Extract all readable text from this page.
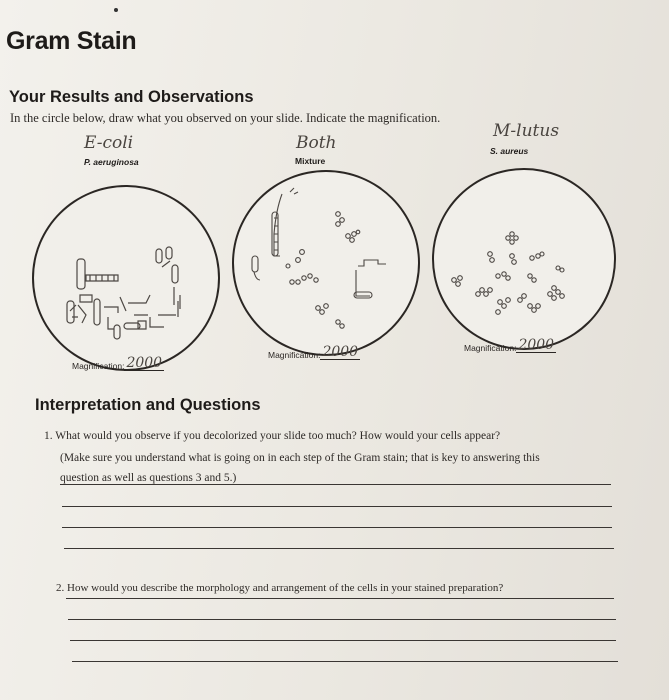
Gram Stain
Your Results and Observations

In the circle below, draw what you observed on your slide. Indicate the magnification.

E-coli
P. aeruginosa
Magnification: 2000
Both
Mixture
Magnification: 2000
M-lutus
S. aureus
Magnification: 2000
Interpretation and Questions

1. What would you observe if you decolorized your slide too much? How would your cells appear?

(Make sure you understand what is going on in each step of the Gram stain; that is key to answering this

question as well as questions 3 and 5.)

2. How would you describe the morphology and arrangement of the cells in your stained preparation?
